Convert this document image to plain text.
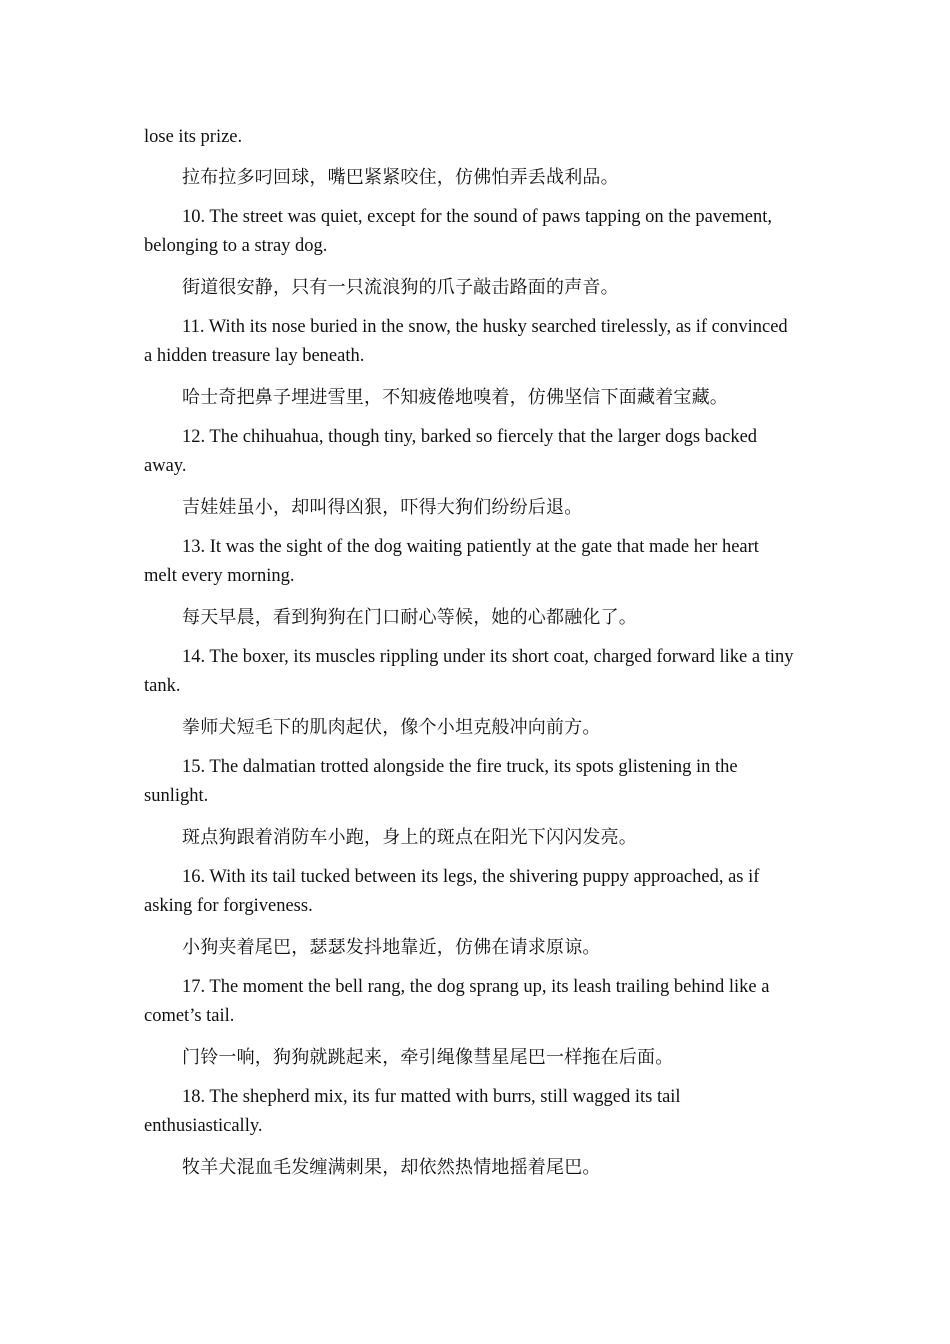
lose its prize.

拉布拉多叼回球，嘴巴紧紧咬住，仿佛怕弄丢战利品。

10. The street was quiet, except for the sound of paws tapping on the pavement, belonging to a stray dog.

街道很安静，只有一只流浪狗的爪子敲击路面的声音。

11. With its nose buried in the snow, the husky searched tirelessly, as if convinced a hidden treasure lay beneath.

哈士奇把鼻子埋进雪里，不知疲倦地嗅着，仿佛坚信下面藏着宝藏。

12. The chihuahua, though tiny, barked so fiercely that the larger dogs backed away.

吉娃娃虽小，却叫得凶狠，吓得大狗们纷纷后退。

13. It was the sight of the dog waiting patiently at the gate that made her heart melt every morning.

每天早晨，看到狗狗在门口耐心等候，她的心都融化了。

14. The boxer, its muscles rippling under its short coat, charged forward like a tiny tank.

拳师犬短毛下的肌肉起伏，像个小坦克般冲向前方。

15. The dalmatian trotted alongside the fire truck, its spots glistening in the sunlight.

斑点狗跟着消防车小跑，身上的斑点在阳光下闪闪发亮。

16. With its tail tucked between its legs, the shivering puppy approached, as if asking for forgiveness.

小狗夹着尾巴，瑟瑟发抖地靠近，仿佛在请求原谅。

17. The moment the bell rang, the dog sprang up, its leash trailing behind like a comet’s tail.

门铃一响，狗狗就跳起来，牵引绳像彗星尾巴一样拖在后面。

18. The shepherd mix, its fur matted with burrs, still wagged its tail enthusiastically.

牧羊犬混血毛发缠满刺果，却依然热情地摇着尾巴。
